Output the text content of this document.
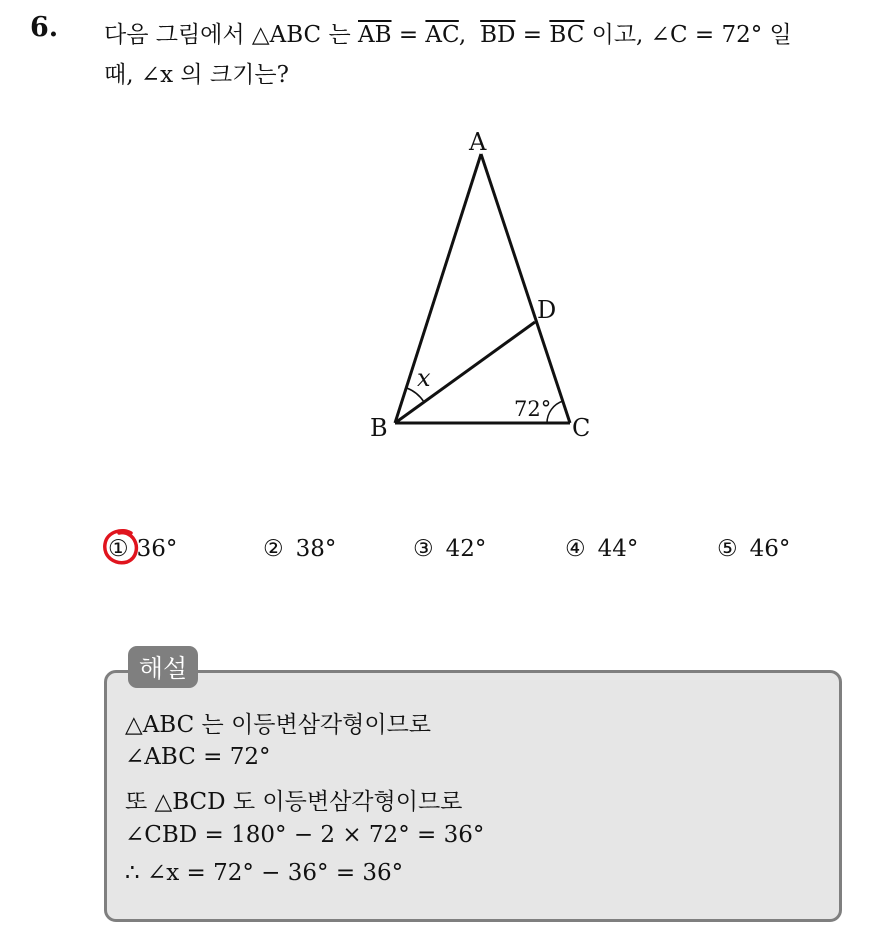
6. 다음 그림에서 △ABC 는 $\overline{AB} = \overline{AC}$, $\overline{BD} = \overline{BC}$ 이고, ∠C = 72° 일
때, ∠x 의 크기는?
A
B	C
D
x
72°
① 36°	② 38°	③ 42°	④ 44°	⑤ 46°
해설
△ABC 는 이등변삼각형이므로
∠ABC = 72°
또 △BCD 도 이등변삼각형이므로
∠CBD = 180° − 2 × 72° = 36°
∴ ∠x = 72° − 36° = 36°
